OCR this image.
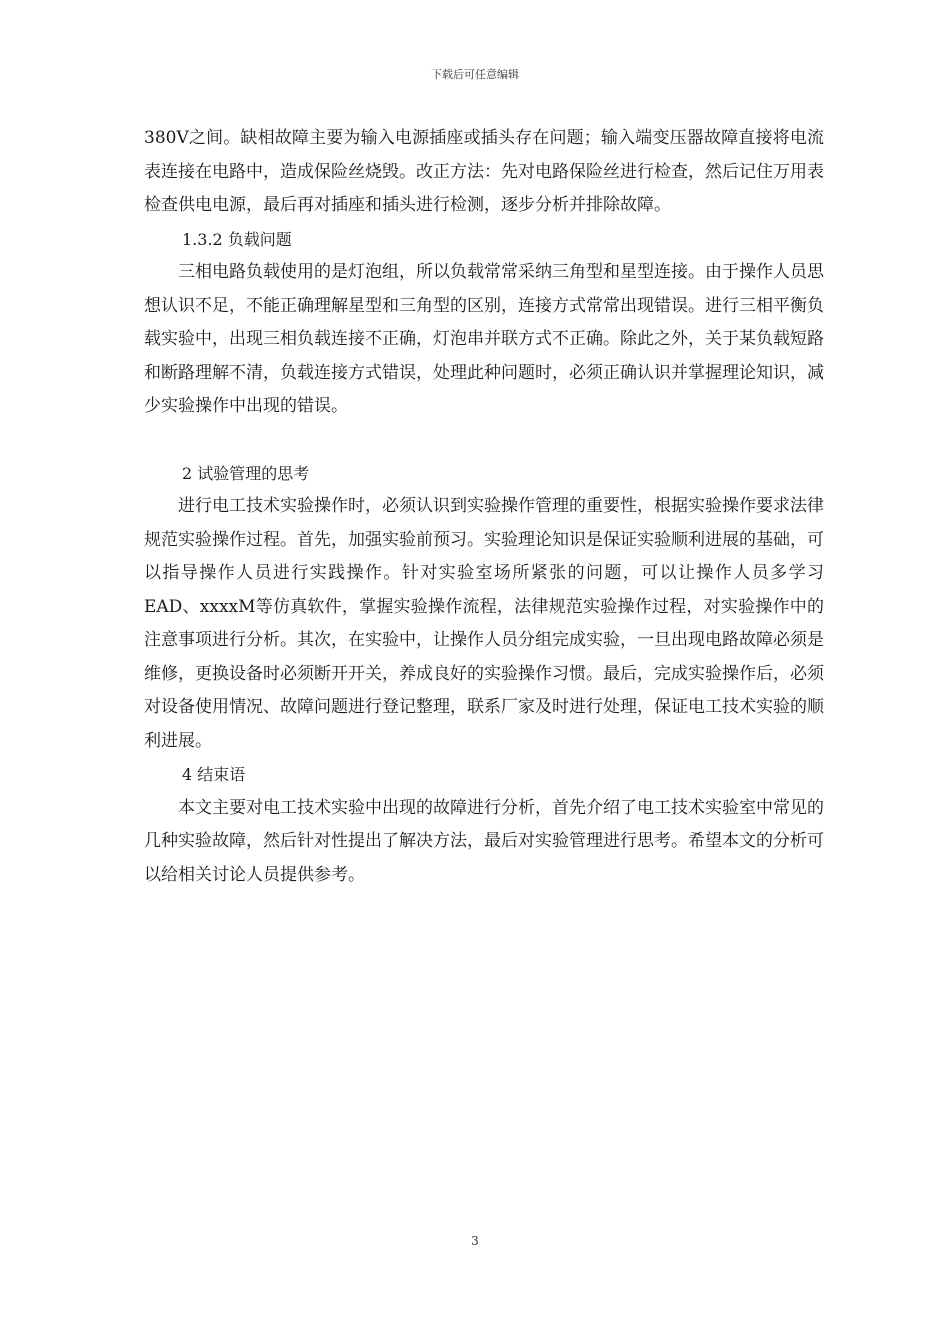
下载后可任意编辑

380V之间。缺相故障主要为输入电源插座或插头存在问题；输入端变压器故障直接将电流表连接在电路中，造成保险丝烧毁。改正方法：先对电路保险丝进行检查，然后记住万用表检查供电电源，最后再对插座和插头进行检测，逐步分析并排除故障。

1.3.2 负载问题

三相电路负载使用的是灯泡组，所以负载常常采纳三角型和星型连接。由于操作人员思想认识不足，不能正确理解星型和三角型的区别，连接方式常常出现错误。进行三相平衡负载实验中，出现三相负载连接不正确，灯泡串并联方式不正确。除此之外，关于某负载短路和断路理解不清，负载连接方式错误，处理此种问题时，必须正确认识并掌握理论知识，减少实验操作中出现的错误。

2 试验管理的思考

进行电工技术实验操作时，必须认识到实验操作管理的重要性，根据实验操作要求法律规范实验操作过程。首先，加强实验前预习。实验理论知识是保证实验顺利进展的基础，可以指导操作人员进行实践操作。针对实验室场所紧张的问题，可以让操作人员多学习EAD、xxxxM等仿真软件，掌握实验操作流程，法律规范实验操作过程，对实验操作中的注意事项进行分析。其次，在实验中，让操作人员分组完成实验，一旦出现电路故障必须是维修，更换设备时必须断开开关，养成良好的实验操作习惯。最后，完成实验操作后，必须对设备使用情况、故障问题进行登记整理，联系厂家及时进行处理，保证电工技术实验的顺利进展。

4 结束语

本文主要对电工技术实验中出现的故障进行分析，首先介绍了电工技术实验室中常见的几种实验故障，然后针对性提出了解决方法，最后对实验管理进行思考。希望本文的分析可以给相关讨论人员提供参考。

3
